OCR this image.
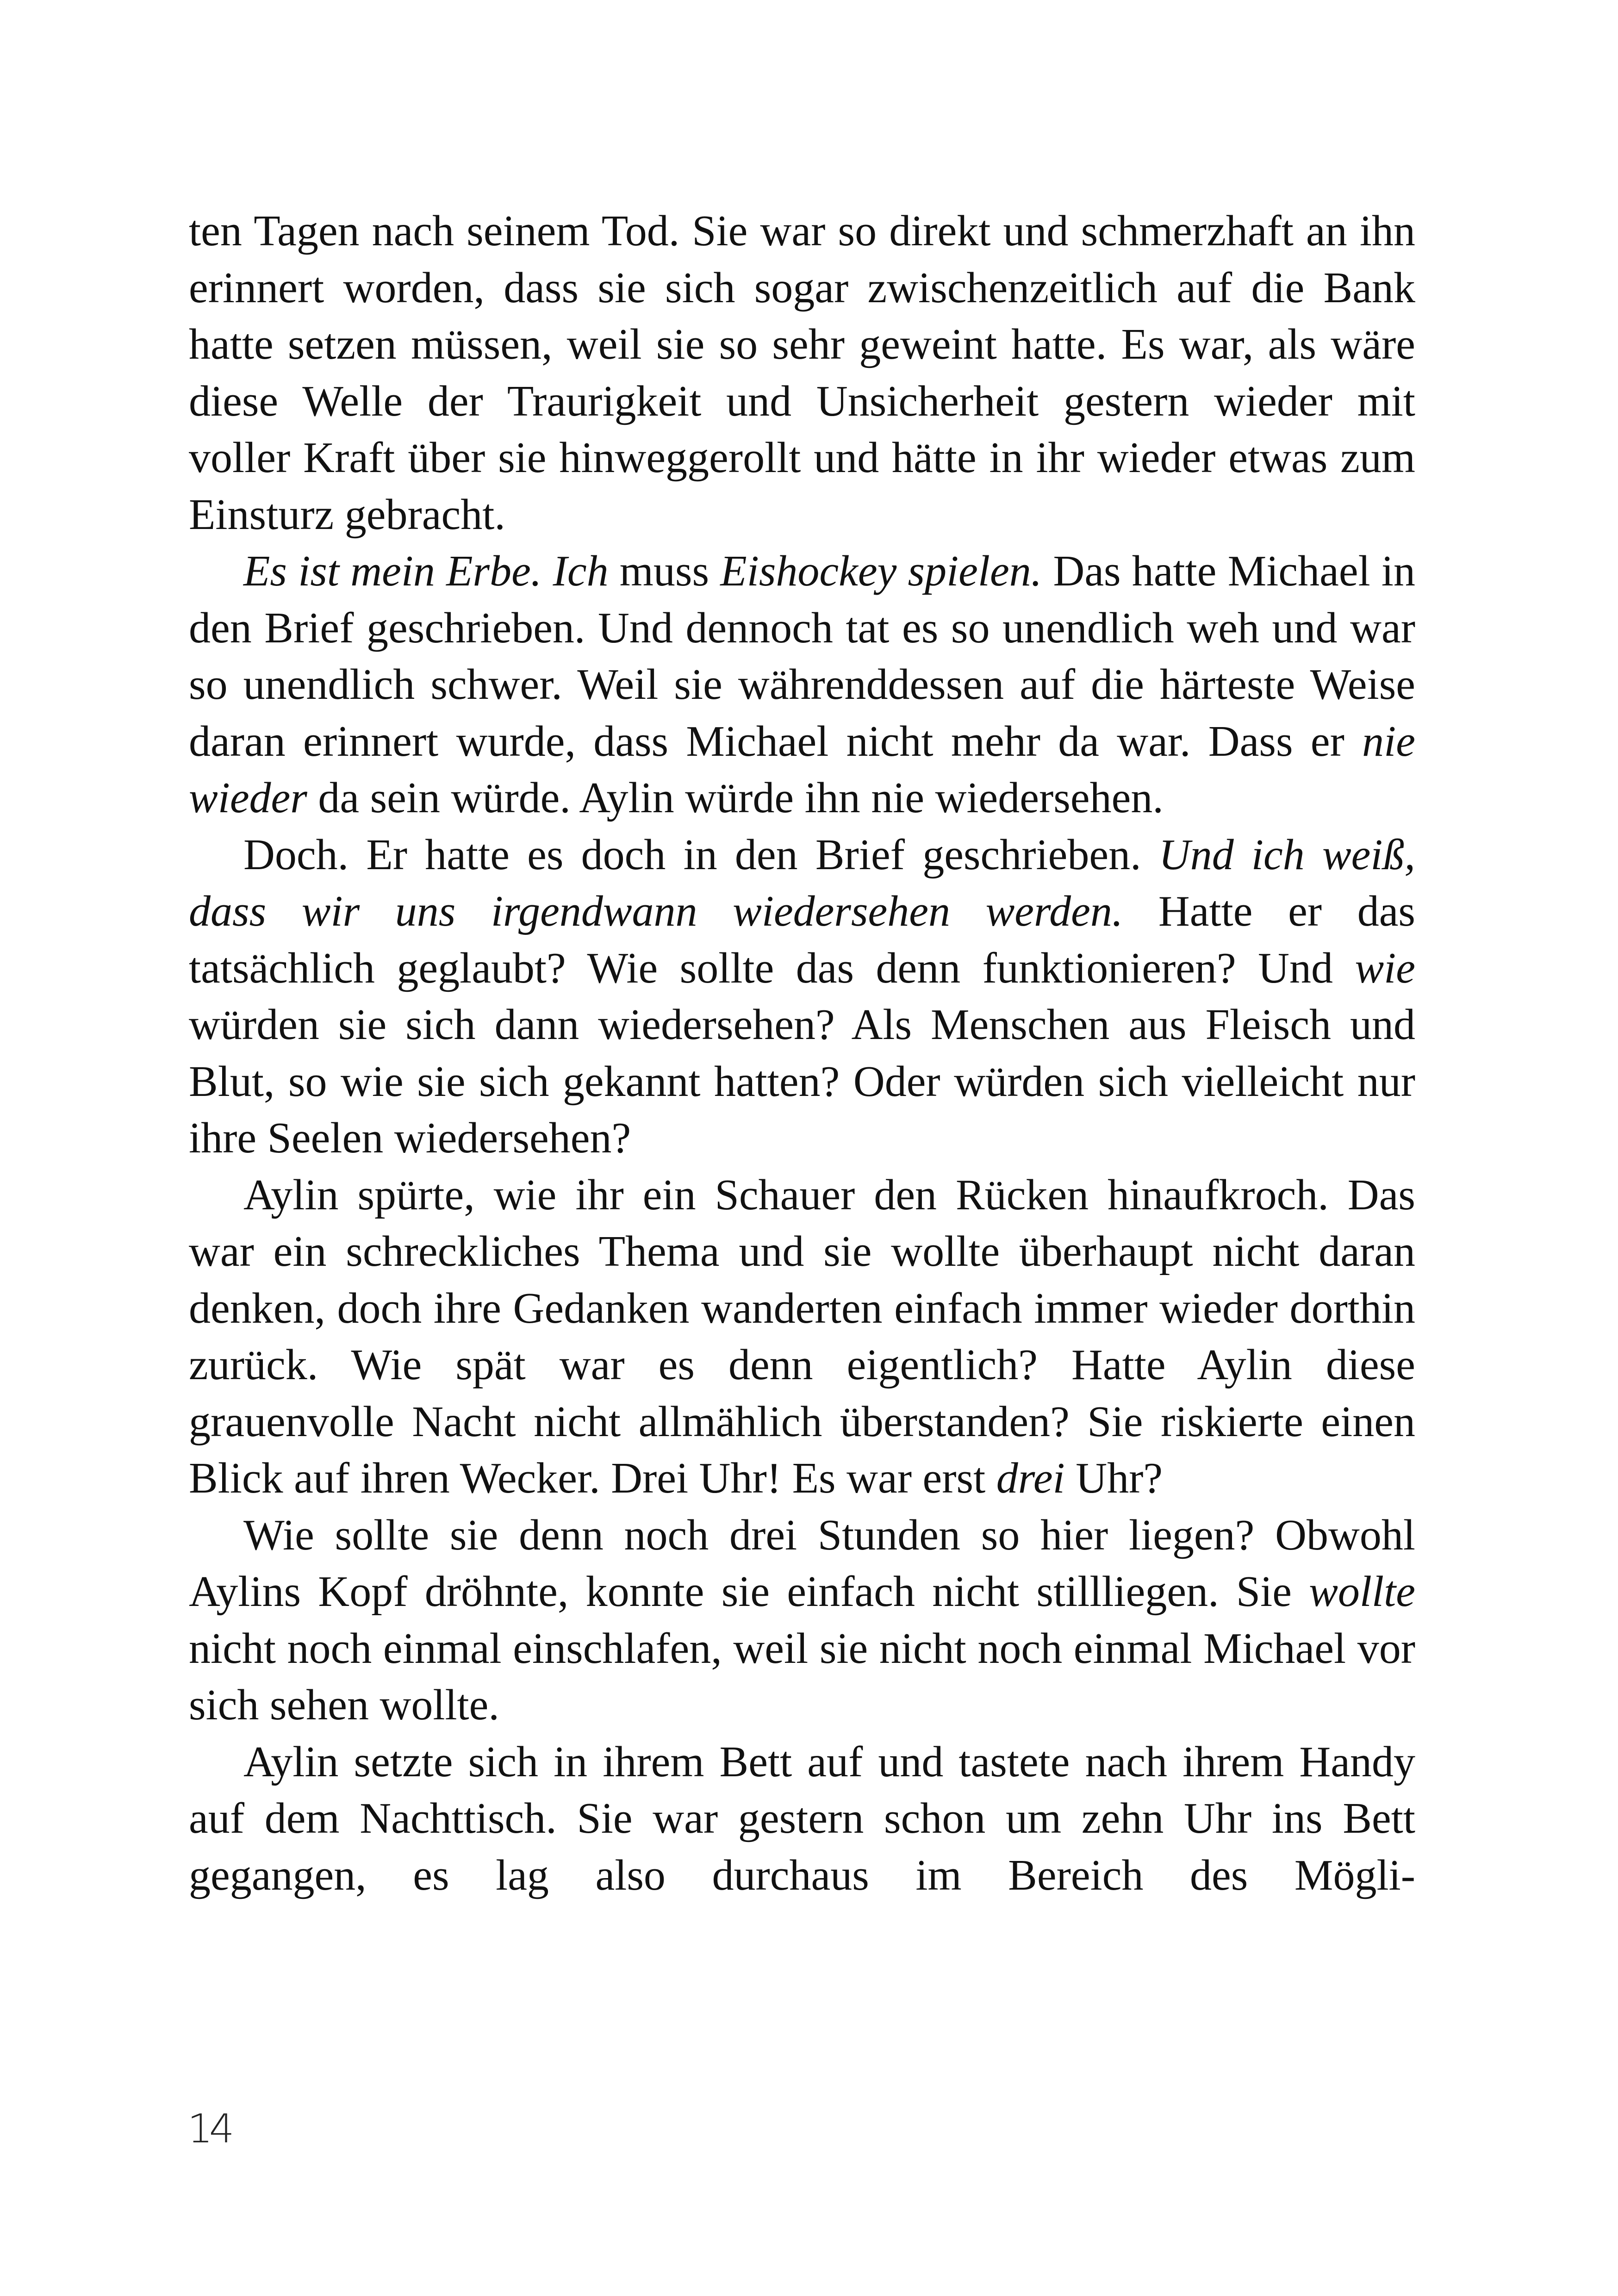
ten Tagen nach seinem Tod. Sie war so direkt und schmerzhaft an ihn erinnert worden, dass sie sich sogar zwischenzeitlich auf die Bank hatte setzen müssen, weil sie so sehr geweint hatte. Es war, als wäre diese Welle der Traurigkeit und Unsicherheit gestern wieder mit voller Kraft über sie hinweggerollt und hätte in ihr wieder etwas zum Einsturz gebracht.

Es ist mein Erbe. Ich muss Eishockey spielen. Das hatte Michael in den Brief geschrieben. Und dennoch tat es so unendlich weh und war so unendlich schwer. Weil sie währenddessen auf die härteste Weise daran erinnert wurde, dass Michael nicht mehr da war. Dass er nie wieder da sein würde. Aylin würde ihn nie wiedersehen.

Doch. Er hatte es doch in den Brief geschrieben. Und ich weiß, dass wir uns irgendwann wiedersehen werden. Hatte er das tatsächlich geglaubt? Wie sollte das denn funktionieren? Und wie würden sie sich dann wiedersehen? Als Menschen aus Fleisch und Blut, so wie sie sich gekannt hatten? Oder würden sich vielleicht nur ihre Seelen wiedersehen?

Aylin spürte, wie ihr ein Schauer den Rücken hinaufkroch. Das war ein schreckliches Thema und sie wollte überhaupt nicht daran denken, doch ihre Gedanken wanderten einfach immer wieder dorthin zurück. Wie spät war es denn eigentlich? Hatte Aylin diese grauenvolle Nacht nicht allmählich überstanden? Sie riskierte einen Blick auf ihren Wecker. Drei Uhr! Es war erst drei Uhr?

Wie sollte sie denn noch drei Stunden so hier liegen? Obwohl Aylins Kopf dröhnte, konnte sie einfach nicht stillliegen. Sie wollte nicht noch einmal einschlafen, weil sie nicht noch einmal Michael vor sich sehen wollte.

Aylin setzte sich in ihrem Bett auf und tastete nach ihrem Handy auf dem Nachttisch. Sie war gestern schon um zehn Uhr ins Bett gegangen, es lag also durchaus im Bereich des Mögli-

14
